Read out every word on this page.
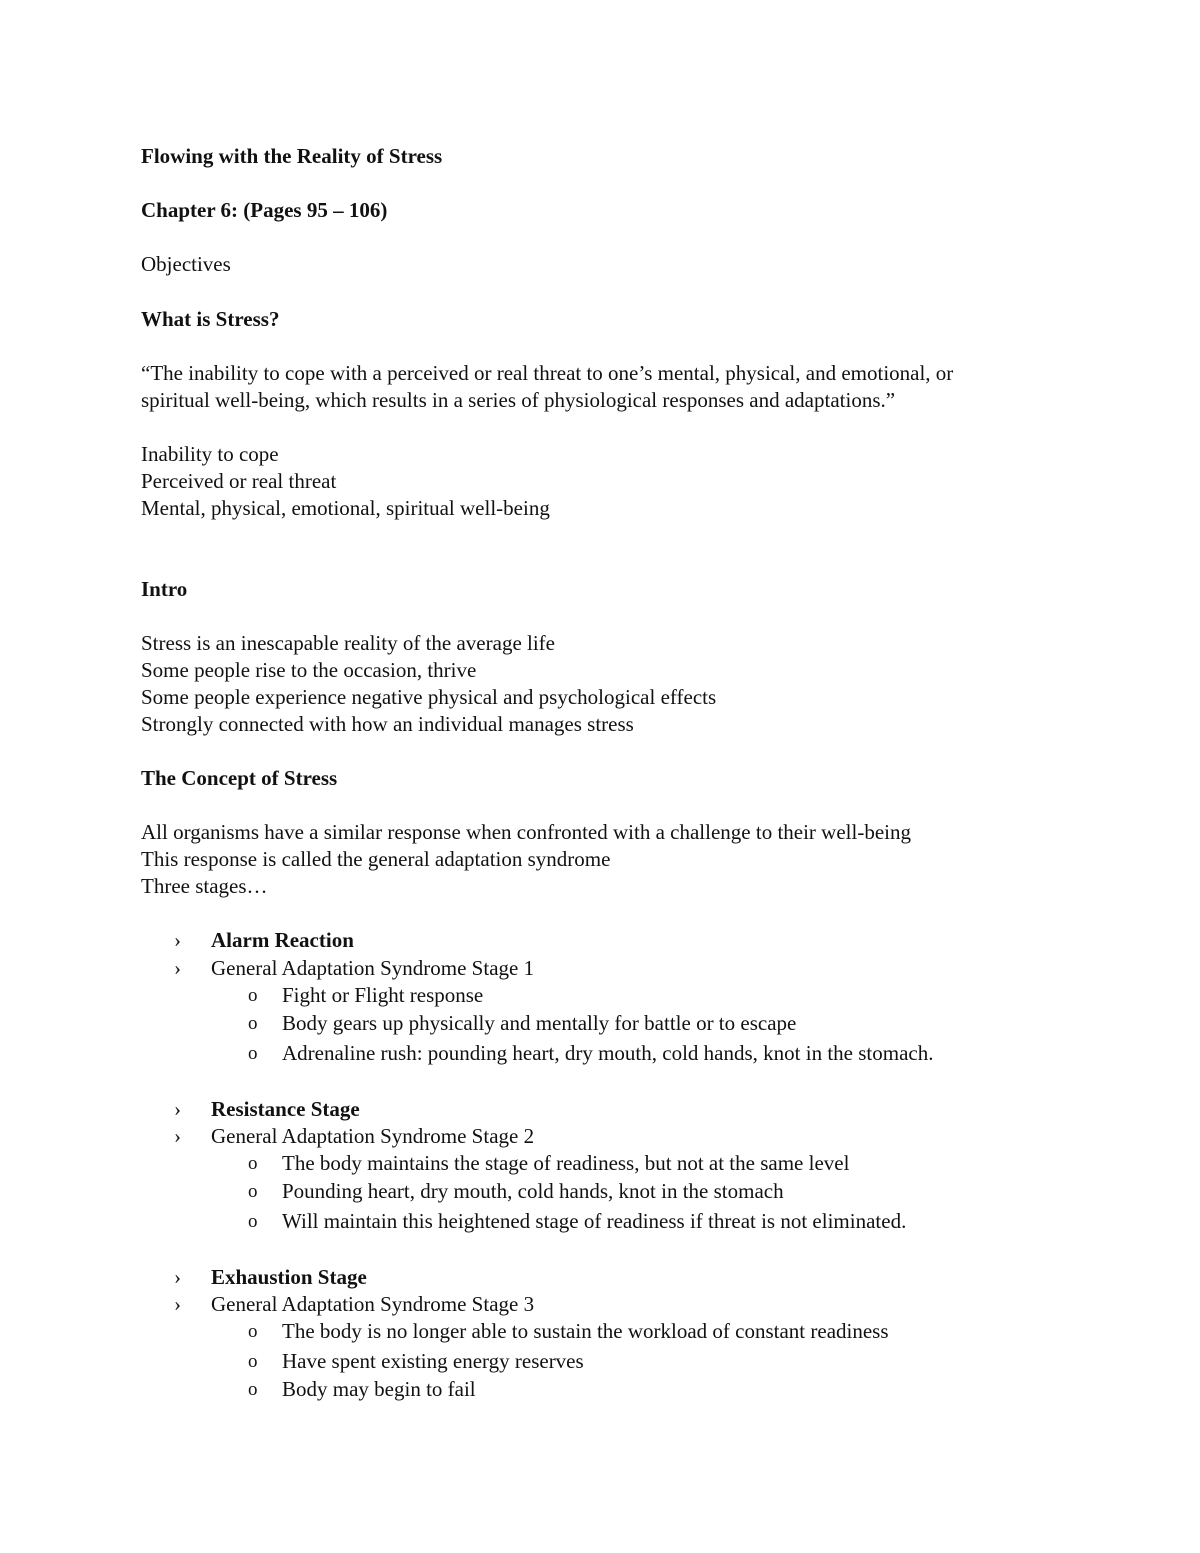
Flowing with the Reality of Stress

Chapter 6: (Pages 95 – 106)

Objectives

What is Stress?

“The inability to cope with a perceived or real threat to one’s mental, physical, and emotional, or

spiritual well-being, which results in a series of physiological responses and adaptations.”

Inability to cope

Perceived or real threat

Mental, physical, emotional, spiritual well-being

Intro

Stress is an inescapable reality of the average life

Some people rise to the occasion, thrive

Some people experience negative physical and psychological effects

Strongly connected with how an individual manages stress

The Concept of Stress

All organisms have a similar response when confronted with a challenge to their well-being

This response is called the general adaptation syndrome

Three stages…

› Alarm Reaction

› General Adaptation Syndrome Stage 1

o Fight or Flight response

o Body gears up physically and mentally for battle or to escape

o Adrenaline rush: pounding heart, dry mouth, cold hands, knot in the stomach.

› Resistance Stage

› General Adaptation Syndrome Stage 2

o The body maintains the stage of readiness, but not at the same level

o Pounding heart, dry mouth, cold hands, knot in the stomach

o Will maintain this heightened stage of readiness if threat is not eliminated.

› Exhaustion Stage

› General Adaptation Syndrome Stage 3

o The body is no longer able to sustain the workload of constant readiness

o Have spent existing energy reserves

o Body may begin to fail
